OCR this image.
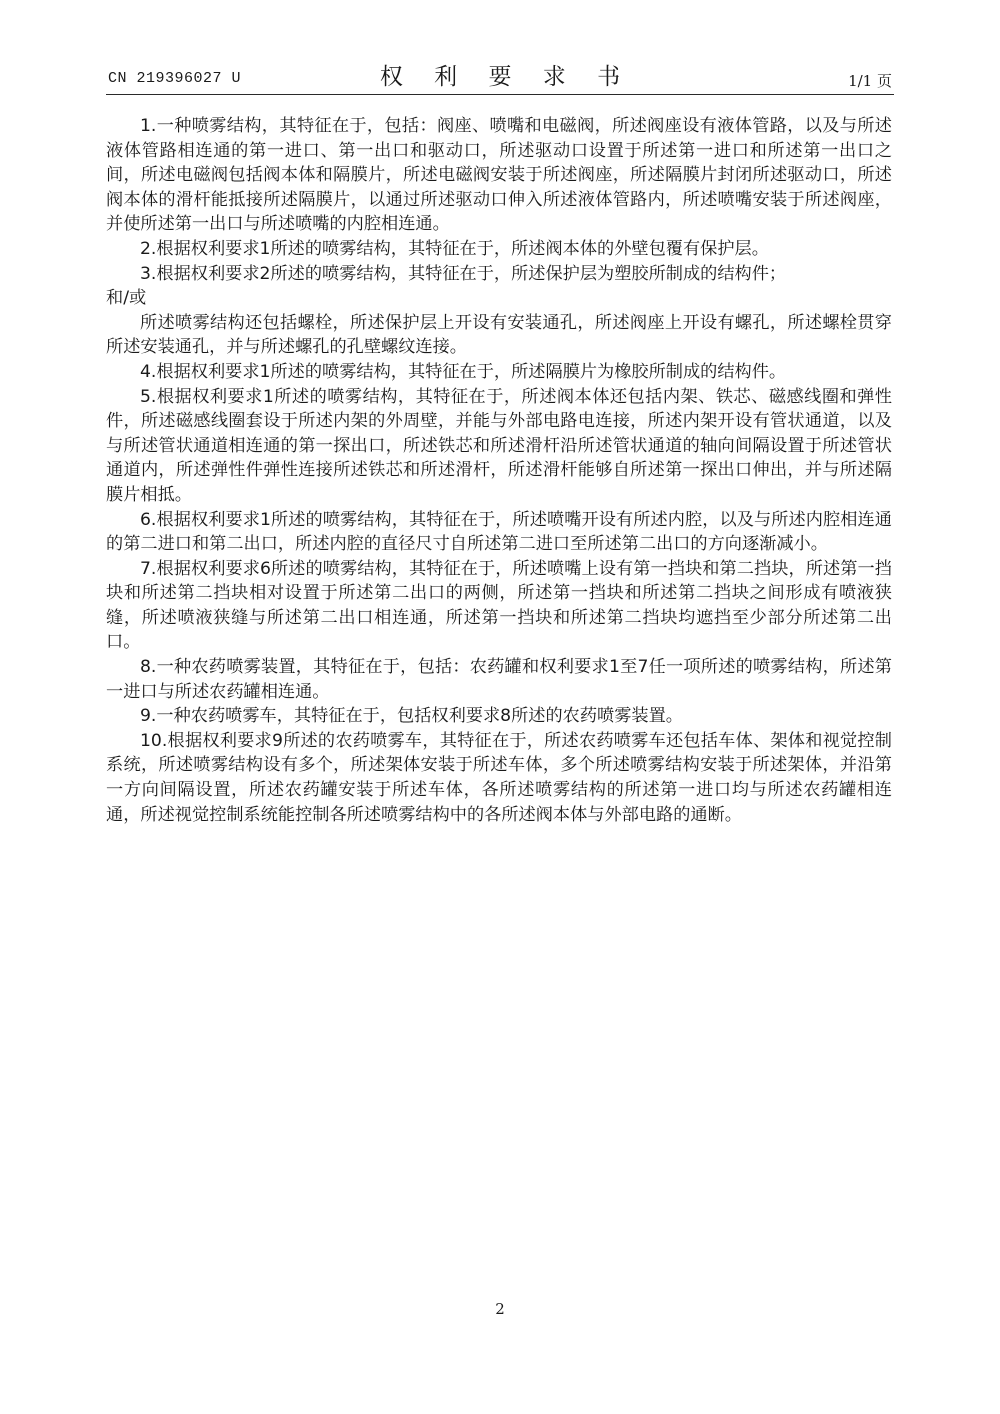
CN 219396027 U	权 利 要 求 书	1/1 页

1.一种喷雾结构，其特征在于，包括：阀座、喷嘴和电磁阀，所述阀座设有液体管路，以及与所述液体管路相连通的第一进口、第一出口和驱动口，所述驱动口设置于所述第一进口和所述第一出口之间，所述电磁阀包括阀本体和隔膜片，所述电磁阀安装于所述阀座，所述隔膜片封闭所述驱动口，所述阀本体的滑杆能抵接所述隔膜片，以通过所述驱动口伸入所述液体管路内，所述喷嘴安装于所述阀座，并使所述第一出口与所述喷嘴的内腔相连通。

2.根据权利要求1所述的喷雾结构，其特征在于，所述阀本体的外壁包覆有保护层。

3.根据权利要求2所述的喷雾结构，其特征在于，所述保护层为塑胶所制成的结构件；

和/或

所述喷雾结构还包括螺栓，所述保护层上开设有安装通孔，所述阀座上开设有螺孔，所述螺栓贯穿所述安装通孔，并与所述螺孔的孔壁螺纹连接。

4.根据权利要求1所述的喷雾结构，其特征在于，所述隔膜片为橡胶所制成的结构件。

5.根据权利要求1所述的喷雾结构，其特征在于，所述阀本体还包括内架、铁芯、磁感线圈和弹性件，所述磁感线圈套设于所述内架的外周壁，并能与外部电路电连接，所述内架开设有管状通道，以及与所述管状通道相连通的第一探出口，所述铁芯和所述滑杆沿所述管状通道的轴向间隔设置于所述管状通道内，所述弹性件弹性连接所述铁芯和所述滑杆，所述滑杆能够自所述第一探出口伸出，并与所述隔膜片相抵。

6.根据权利要求1所述的喷雾结构，其特征在于，所述喷嘴开设有所述内腔，以及与所述内腔相连通的第二进口和第二出口，所述内腔的直径尺寸自所述第二进口至所述第二出口的方向逐渐减小。

7.根据权利要求6所述的喷雾结构，其特征在于，所述喷嘴上设有第一挡块和第二挡块，所述第一挡块和所述第二挡块相对设置于所述第二出口的两侧，所述第一挡块和所述第二挡块之间形成有喷液狭缝，所述喷液狭缝与所述第二出口相连通，所述第一挡块和所述第二挡块均遮挡至少部分所述第二出口。

8.一种农药喷雾装置，其特征在于，包括：农药罐和权利要求1至7任一项所述的喷雾结构，所述第一进口与所述农药罐相连通。

9.一种农药喷雾车，其特征在于，包括权利要求8所述的农药喷雾装置。

10.根据权利要求9所述的农药喷雾车，其特征在于，所述农药喷雾车还包括车体、架体和视觉控制系统，所述喷雾结构设有多个，所述架体安装于所述车体，多个所述喷雾结构安装于所述架体，并沿第一方向间隔设置，所述农药罐安装于所述车体，各所述喷雾结构的所述第一进口均与所述农药罐相连通，所述视觉控制系统能控制各所述喷雾结构中的各所述阀本体与外部电路的通断。

2
